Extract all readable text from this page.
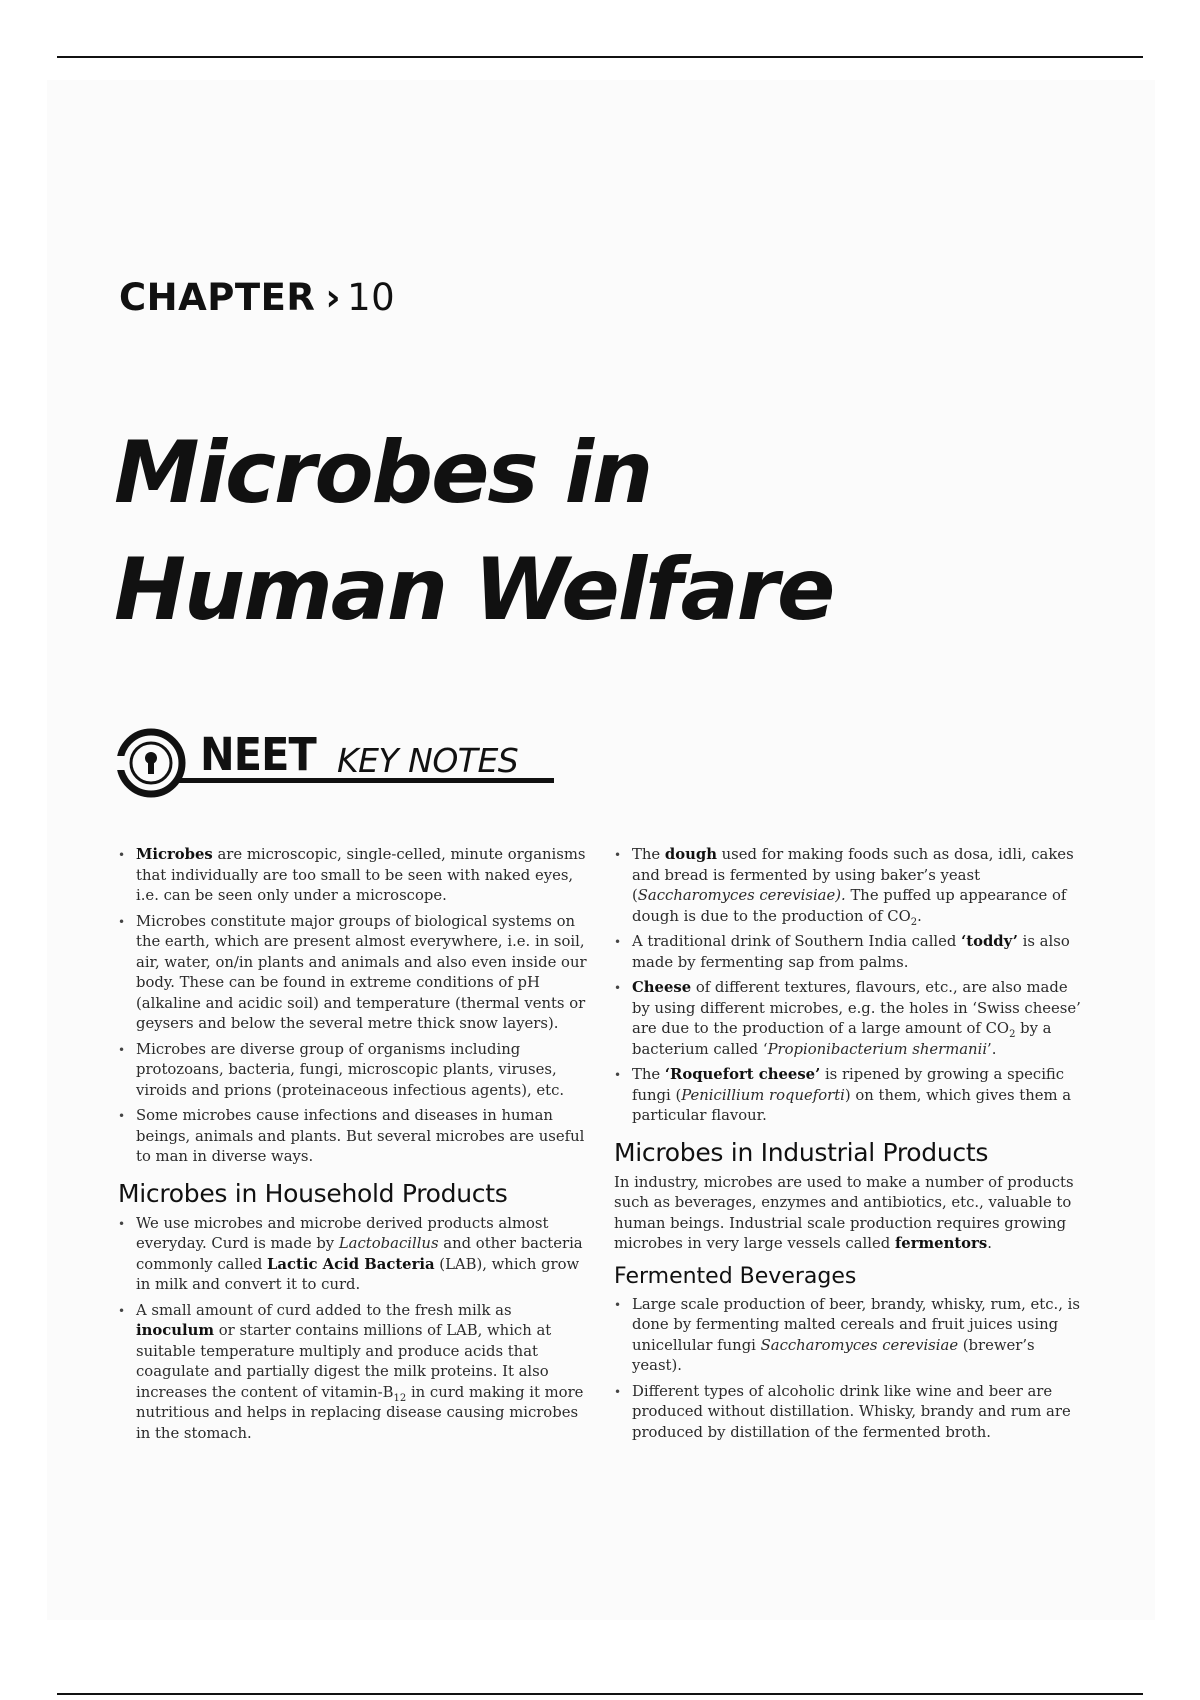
CHAPTER › 10
Microbes in
Human Welfare
NEET KEY NOTES
• Microbes are microscopic, single-celled, minute organisms that individually are too small to be seen with naked eyes, i.e. can be seen only under a microscope.
• Microbes constitute major groups of biological systems on the earth, which are present almost everywhere, i.e. in soil, air, water, on/in plants and animals and also even inside our body. These can be found in extreme conditions of pH (alkaline and acidic soil) and temperature (thermal vents or geysers and below the several metre thick snow layers).
• Microbes are diverse group of organisms including protozoans, bacteria, fungi, microscopic plants, viruses, viroids and prions (proteinaceous infectious agents), etc.
• Some microbes cause infections and diseases in human beings, animals and plants. But several microbes are useful to man in diverse ways.
Microbes in Household Products
• We use microbes and microbe derived products almost everyday. Curd is made by Lactobacillus and other bacteria commonly called Lactic Acid Bacteria (LAB), which grow in milk and convert it to curd.
• A small amount of curd added to the fresh milk as inoculum or starter contains millions of LAB, which at suitable temperature multiply and produce acids that coagulate and partially digest the milk proteins. It also increases the content of vitamin-$B_{12}$ in curd making it more nutritious and helps in replacing disease causing microbes in the stomach.
• The dough used for making foods such as dosa, idli, cakes and bread is fermented by using baker’s yeast (Saccharomyces cerevisiae). The puffed up appearance of dough is due to the production of $CO_2$.
• A traditional drink of Southern India called ‘toddy’ is also made by fermenting sap from palms.
• Cheese of different textures, flavours, etc., are also made by using different microbes, e.g. the holes in ‘Swiss cheese’ are due to the production of a large amount of $CO_2$ by a bacterium called ‘Propionibacterium shermanii’.
• The ‘Roquefort cheese’ is ripened by growing a specific fungi (Penicillium roqueforti) on them, which gives them a particular flavour.
Microbes in Industrial Products

In industry, microbes are used to make a number of products such as beverages, enzymes and antibiotics, etc., valuable to human beings. Industrial scale production requires growing microbes in very large vessels called fermentors.

Fermented Beverages
• Large scale production of beer, brandy, whisky, rum, etc., is done by fermenting malted cereals and fruit juices using unicellular fungi Saccharomyces cerevisiae (brewer’s yeast).
• Different types of alcoholic drink like wine and beer are produced without distillation. Whisky, brandy and rum are produced by distillation of the fermented broth.
